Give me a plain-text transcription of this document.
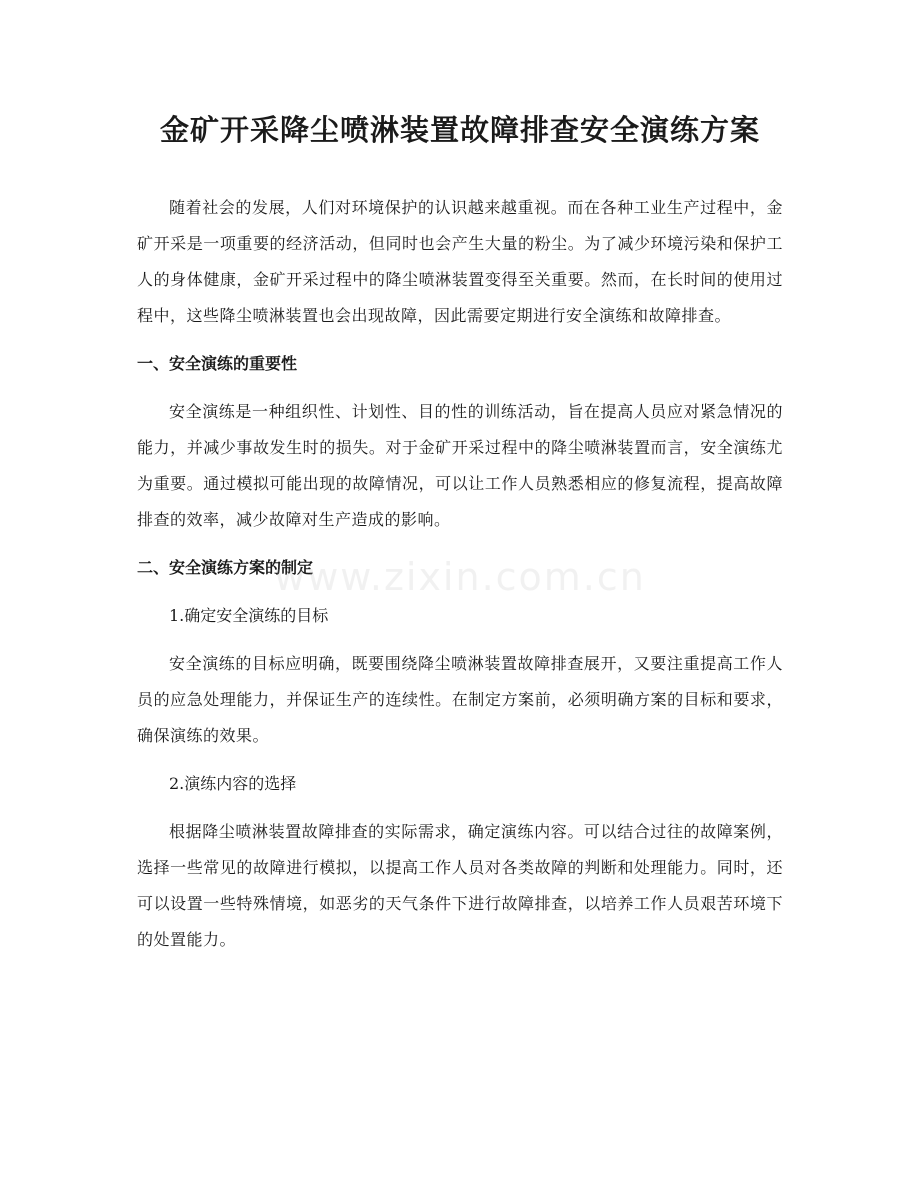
金矿开采降尘喷淋装置故障排查安全演练方案

随着社会的发展，人们对环境保护的认识越来越重视。而在各种工业生产过程中，金矿开采是一项重要的经济活动，但同时也会产生大量的粉尘。为了减少环境污染和保护工人的身体健康，金矿开采过程中的降尘喷淋装置变得至关重要。然而，在长时间的使用过程中，这些降尘喷淋装置也会出现故障，因此需要定期进行安全演练和故障排查。

一、安全演练的重要性

安全演练是一种组织性、计划性、目的性的训练活动，旨在提高人员应对紧急情况的能力，并减少事故发生时的损失。对于金矿开采过程中的降尘喷淋装置而言，安全演练尤为重要。通过模拟可能出现的故障情况，可以让工作人员熟悉相应的修复流程，提高故障排查的效率，减少故障对生产造成的影响。

二、安全演练方案的制定
1.确定安全演练的目标

安全演练的目标应明确，既要围绕降尘喷淋装置故障排查展开，又要注重提高工作人员的应急处理能力，并保证生产的连续性。在制定方案前，必须明确方案的目标和要求，确保演练的效果。

2.演练内容的选择

根据降尘喷淋装置故障排查的实际需求，确定演练内容。可以结合过往的故障案例，选择一些常见的故障进行模拟，以提高工作人员对各类故障的判断和处理能力。同时，还可以设置一些特殊情境，如恶劣的天气条件下进行故障排查，以培养工作人员艰苦环境下的处置能力。

www.zixin.com.cn
